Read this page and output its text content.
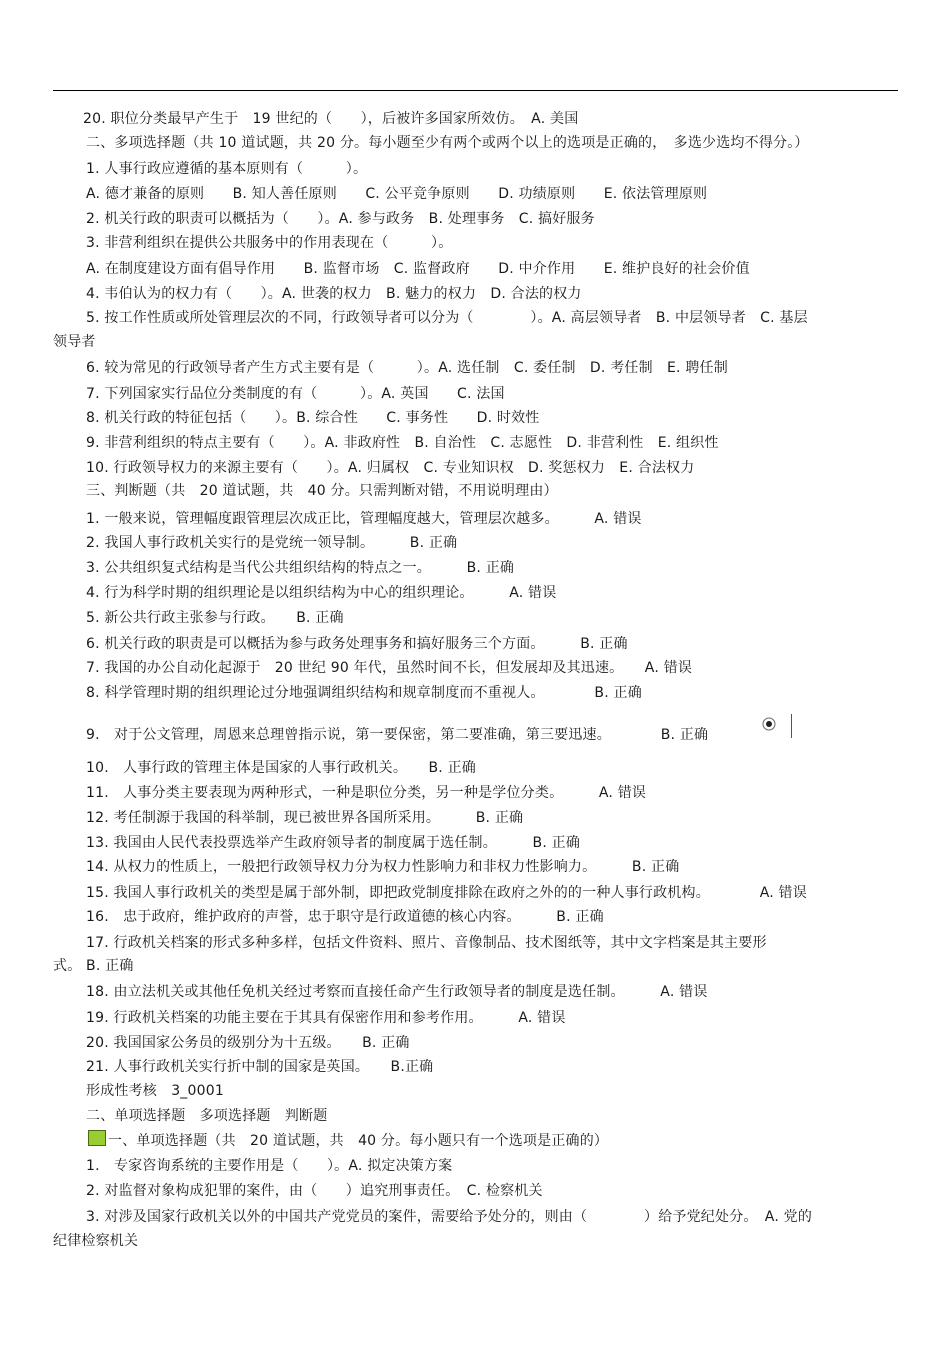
20. 职位分类最早产生于　19 世纪的（　　），后被许多国家所效仿。　A. 美国
二、多项选择题（共 10 道试题，共 20 分。每小题至少有两个或两个以上的选项是正确的，　多选少选均不得分。）
1. 人事行政应遵循的基本原则有（　　　）。
A. 德才兼备的原则　　B. 知人善任原则　　C. 公平竞争原则　　D. 功绩原则　　E. 依法管理原则
2. 机关行政的职责可以概括为（　　）。A. 参与政务　B. 处理事务　C. 搞好服务
3. 非营利组织在提供公共服务中的作用表现在（　　　）。
A. 在制度建设方面有倡导作用　　B. 监督市场　C. 监督政府　　D. 中介作用　　E. 维护良好的社会价值
4. 韦伯认为的权力有（　　）。A. 世袭的权力　B. 魅力的权力　D. 合法的权力
5. 按工作性质或所处管理层次的不同，行政领导者可以分为（　　　　）。A. 高层领导者　B. 中层领导者　C. 基层
领导者
6. 较为常见的行政领导者产生方式主要有是（　　　）。A. 选任制　C. 委任制　D. 考任制　E. 聘任制
7. 下列国家实行品位分类制度的有（　　　）。A. 英国　　C. 法国
8. 机关行政的特征包括（　　）。B. 综合性　　C. 事务性　　D. 时效性
9. 非营利组织的特点主要有（　　）。A. 非政府性　B. 自治性　C. 志愿性　D. 非营利性　E. 组织性
10. 行政领导权力的来源主要有（　　）。A. 归属权　C. 专业知识权　D. 奖惩权力　E. 合法权力
三、判断题（共　20 道试题，共　40 分。只需判断对错，不用说明理由）
1. 一般来说，管理幅度跟管理层次成正比，管理幅度越大，管理层次越多。　　　A. 错误
2. 我国人事行政机关实行的是党统一领导制。　　　B. 正确
3. 公共组织复式结构是当代公共组织结构的特点之一。　　　B. 正确
4. 行为科学时期的组织理论是以组织结构为中心的组织理论。　　　A. 错误
5. 新公共行政主张参与行政。　　B. 正确
6. 机关行政的职责是可以概括为参与政务处理事务和搞好服务三个方面。　　　B. 正确
7. 我国的办公自动化起源于　20 世纪 90 年代，虽然时间不长，但发展却及其迅速。　　A. 错误
8. 科学管理时期的组织理论过分地强调组织结构和规章制度而不重视人。　　　　B. 正确
9.　对于公文管理，周恩来总理曾指示说，第一要保密，第二要准确，第三要迅速。　　　　B. 正确
10.　人事行政的管理主体是国家的人事行政机关。　　B. 正确
11.　人事分类主要表现为两种形式，一种是职位分类，另一种是学位分类。　　　A. 错误
12. 考任制源于我国的科举制，现已被世界各国所采用。　　　B. 正确
13. 我国由人民代表投票选举产生政府领导者的制度属于选任制。　　　B. 正确
14. 从权力的性质上，一般把行政领导权力分为权力性影响力和非权力性影响力。　　　B. 正确
15. 我国人事行政机关的类型是属于部外制，即把政党制度排除在政府之外的的一种人事行政机构。　　　　A. 错误
16.　忠于政府，维护政府的声誉，忠于职守是行政道德的核心内容。　　　B. 正确
17. 行政机关档案的形式多种多样，包括文件资料、照片、音像制品、技术图纸等，其中文字档案是其主要形
式。 B. 正确
18. 由立法机关或其他任免机关经过考察而直接任命产生行政领导者的制度是选任制。　　　A. 错误
19. 行政机关档案的功能主要在于其具有保密作用和参考作用。　　　A. 错误
20. 我国国家公务员的级别分为十五级。　　B. 正确
21. 人事行政机关实行折中制的国家是英国。　　B.正确
形成性考核　3_0001
二、单项选择题　多项选择题　判断题
一、单项选择题（共　20 道试题，共　40 分。每小题只有一个选项是正确的）
1.　专家咨询系统的主要作用是（　　）。A. 拟定决策方案
2. 对监督对象构成犯罪的案件，由（　　）追究刑事责任。　C. 检察机关
3. 对涉及国家行政机关以外的中国共产党党员的案件，需要给予处分的，则由（　　　　）给予党纪处分。　A. 党的
纪律检察机关
